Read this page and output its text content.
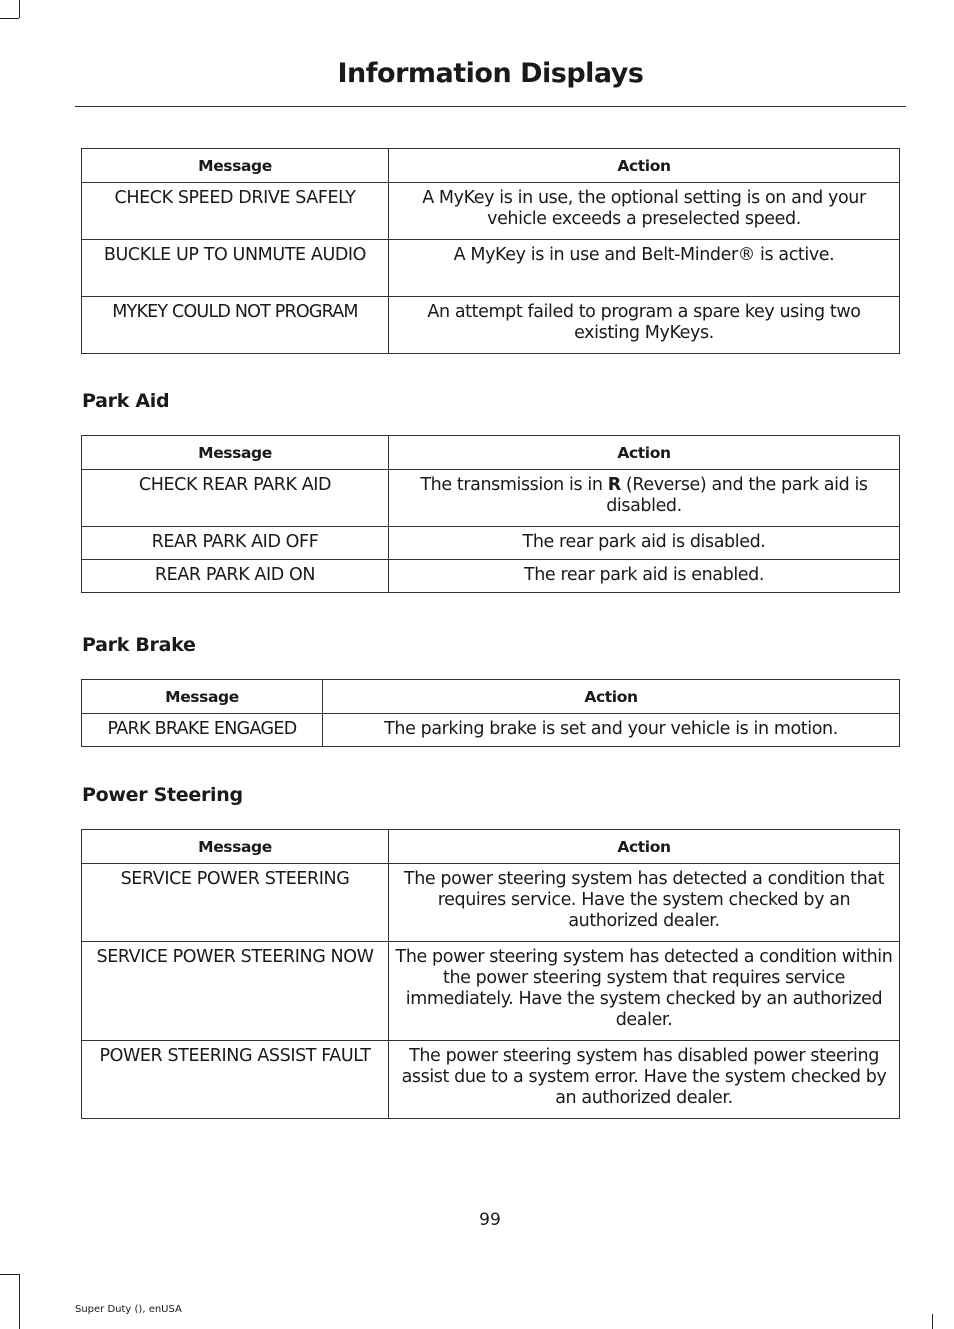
Information Displays
Message	Action
CHECK SPEED DRIVE SAFELY	A MyKey is in use, the optional setting is on and your vehicle exceeds a preselected speed.
BUCKLE UP TO UNMUTE AUDIO	A MyKey is in use and Belt-Minder® is active.
MYKEY COULD NOT PROGRAM	An attempt failed to program a spare key using two existing MyKeys.
Park Aid
Message	Action
CHECK REAR PARK AID	The transmission is in R (Reverse) and the park aid is disabled.
REAR PARK AID OFF	The rear park aid is disabled.
REAR PARK AID ON	The rear park aid is enabled.
Park Brake
Message	Action
PARK BRAKE ENGAGED	The parking brake is set and your vehicle is in motion.
Power Steering
Message	Action
SERVICE POWER STEERING	The power steering system has detected a condition that requires service. Have the system checked by an authorized dealer.
SERVICE POWER STEERING NOW	The power steering system has detected a condition within the power steering system that requires service immediately. Have the system checked by an authorized dealer.
POWER STEERING ASSIST FAULT	The power steering system has disabled power steering assist due to a system error. Have the system checked by an authorized dealer.
99
Super Duty (), enUSA
